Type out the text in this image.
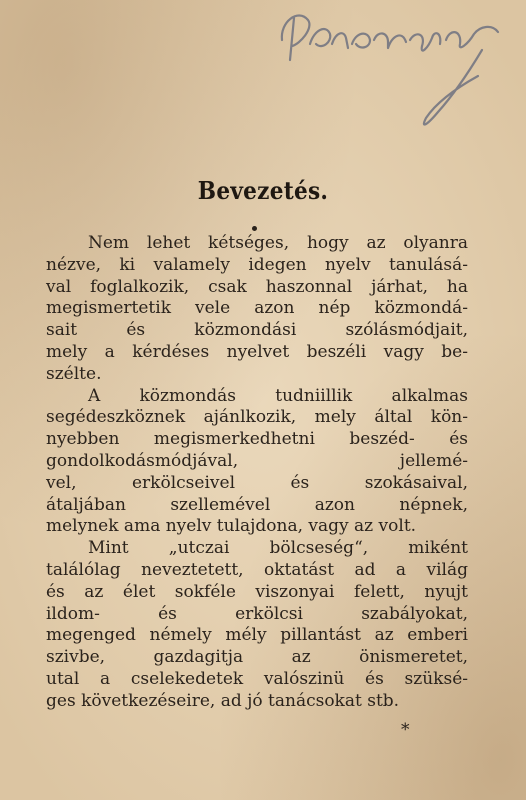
Bevezetés.
Nem lehet kétséges, hogy az olyanra
nézve, ki valamely idegen nyelv tanulásá-
val foglalkozik, csak haszonnal járhat, ha
megismertetik vele azon nép közmondá-
sait és közmondási szólásmódjait,
mely a kérdéses nyelvet beszéli vagy be-
szélte.
A közmondás tudniillik alkalmas
segédeszköznek ajánlkozik, mely által kön-
nyebben megismerkedhetni beszéd- és
gondolkodásmódjával, jellemé-
vel, erkölcseivel és szokásaival,
átaljában szellemével azon népnek,
melynek ama nyelv tulajdona, vagy az volt.
Mint „utczai bölcseség“, miként
találólag neveztetett, oktatást ad a világ
és az élet sokféle viszonyai felett, nyujt
ildom- és erkölcsi szabályokat,
megenged némely mély pillantást az emberi
szivbe, gazdagitja az önismeretet,
utal a cselekedetek valószinü és szüksé-
ges következéseire, ad jó tanácsokat stb.
*
